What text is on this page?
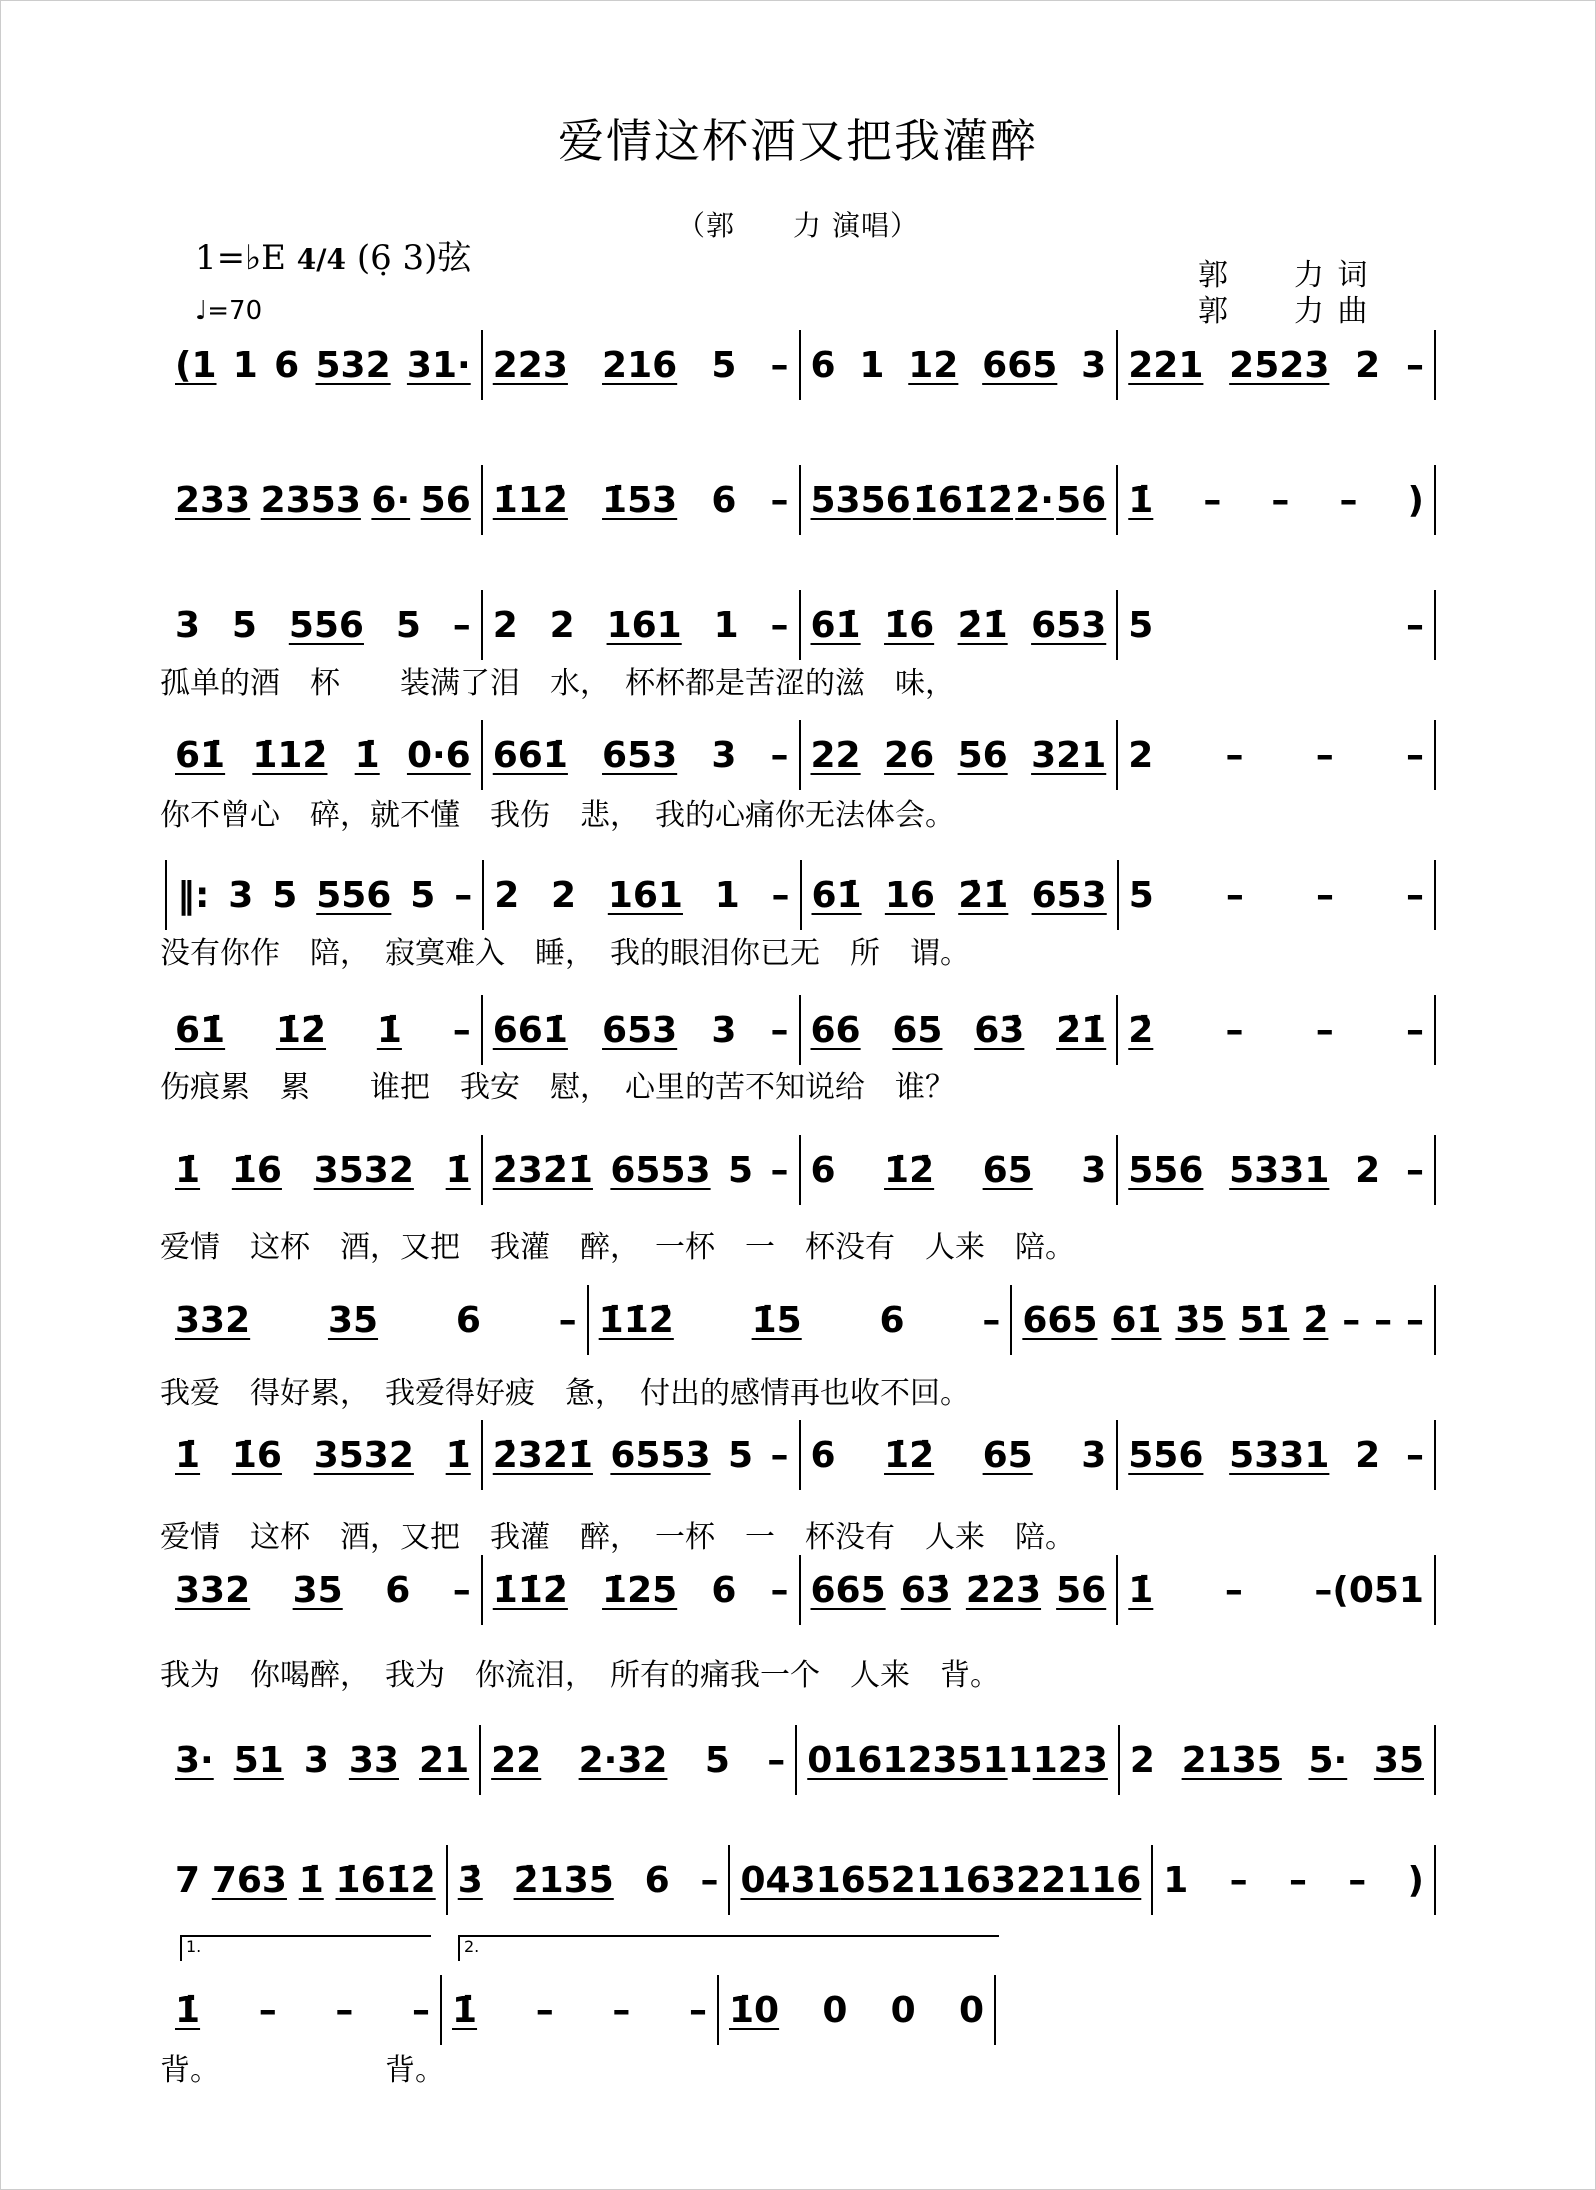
爱情这杯酒又把我灌醉
（郭　　力 演唱）
1=♭E 4/4 (6̣ 3)弦
♩=70
郭　　力 词
郭　　力 曲
(1 1 6 532 31· 223 216 5 – 6 1 12 665 3 221 2523 2 –
233 2353 6· 56 1̇12̇ 1̇53 6 – 5356 1̇61̇2̇ 2̇· 56 1̇ – – – )
3 5 556 5 – 2 2 161 1 – 61̇ 1̇6 2̇1̇ 653 5	–
孤单的酒　杯　　装满了泪　水，　杯杯都是苦涩的滋　味，
61̇ 1̇12̇ 1̇ 0·6 661̇ 653 3 – 22 26 56 321 2 – – –
你不曾心　碎，就不懂　我伤　悲，　我的心痛你无法体会。
‖: 3 5 556 5 – 2 2 161 1 – 61̇ 16 2̇1̇ 653 5 – – –
没有你作　陪，　寂寞难入　睡，　我的眼泪你已无　所　谓。
61̇ 1̇2̇ 1̇ – 661̇ 653 3 – 66 65 63̇ 2̇1̇ 2̇ – – –
伤痕累　累　　谁把　我安　慰，　心里的苦不知说给　谁？
1̇ 1̇6 3532 1̇ 2̇32̇1̇ 6553 5 – 6 1̇2̇ 65 3 556 5331 2 –
爱情　这杯　酒，又把　我灌　醉，　一杯　一　杯没有　人来　陪。
332 35 6 – 1̇1̇2̇ 1̇5 6 – 665 61̇ 3̇5 51̇ 2̇ – – –
我爱　得好累，　我爱得好疲　惫，　付出的感情再也收不回。
1̇ 1̇6 3532 1̇ 2̇32̇1̇ 6553 5 – 6 1̇2̇ 65 3 556 5331 2 –
爱情　这杯　酒，又把　我灌　醉，　一杯　一　杯没有　人来　陪。
332 35 6 – 1̇1̇2̇ 1̇25 6 – 665 63̇ 2̇23̇ 56 1̇ – –(051
我为　你喝醉，　我为　你流泪，　所有的痛我一个　人来　背。
3· 51 3 33 21 22 2·32 5 – 0161 2351 1 123 2 2135 5· 35
7 763 1̇ 1̇61̇2̇ 3̇ 2̇135̇ 6 – 0431 6521 1632 2116 1 – – – )
1̇ – – – 1̇ – – – 1̇0 0 0 0
背。　　　　　　背。
1.	2.
